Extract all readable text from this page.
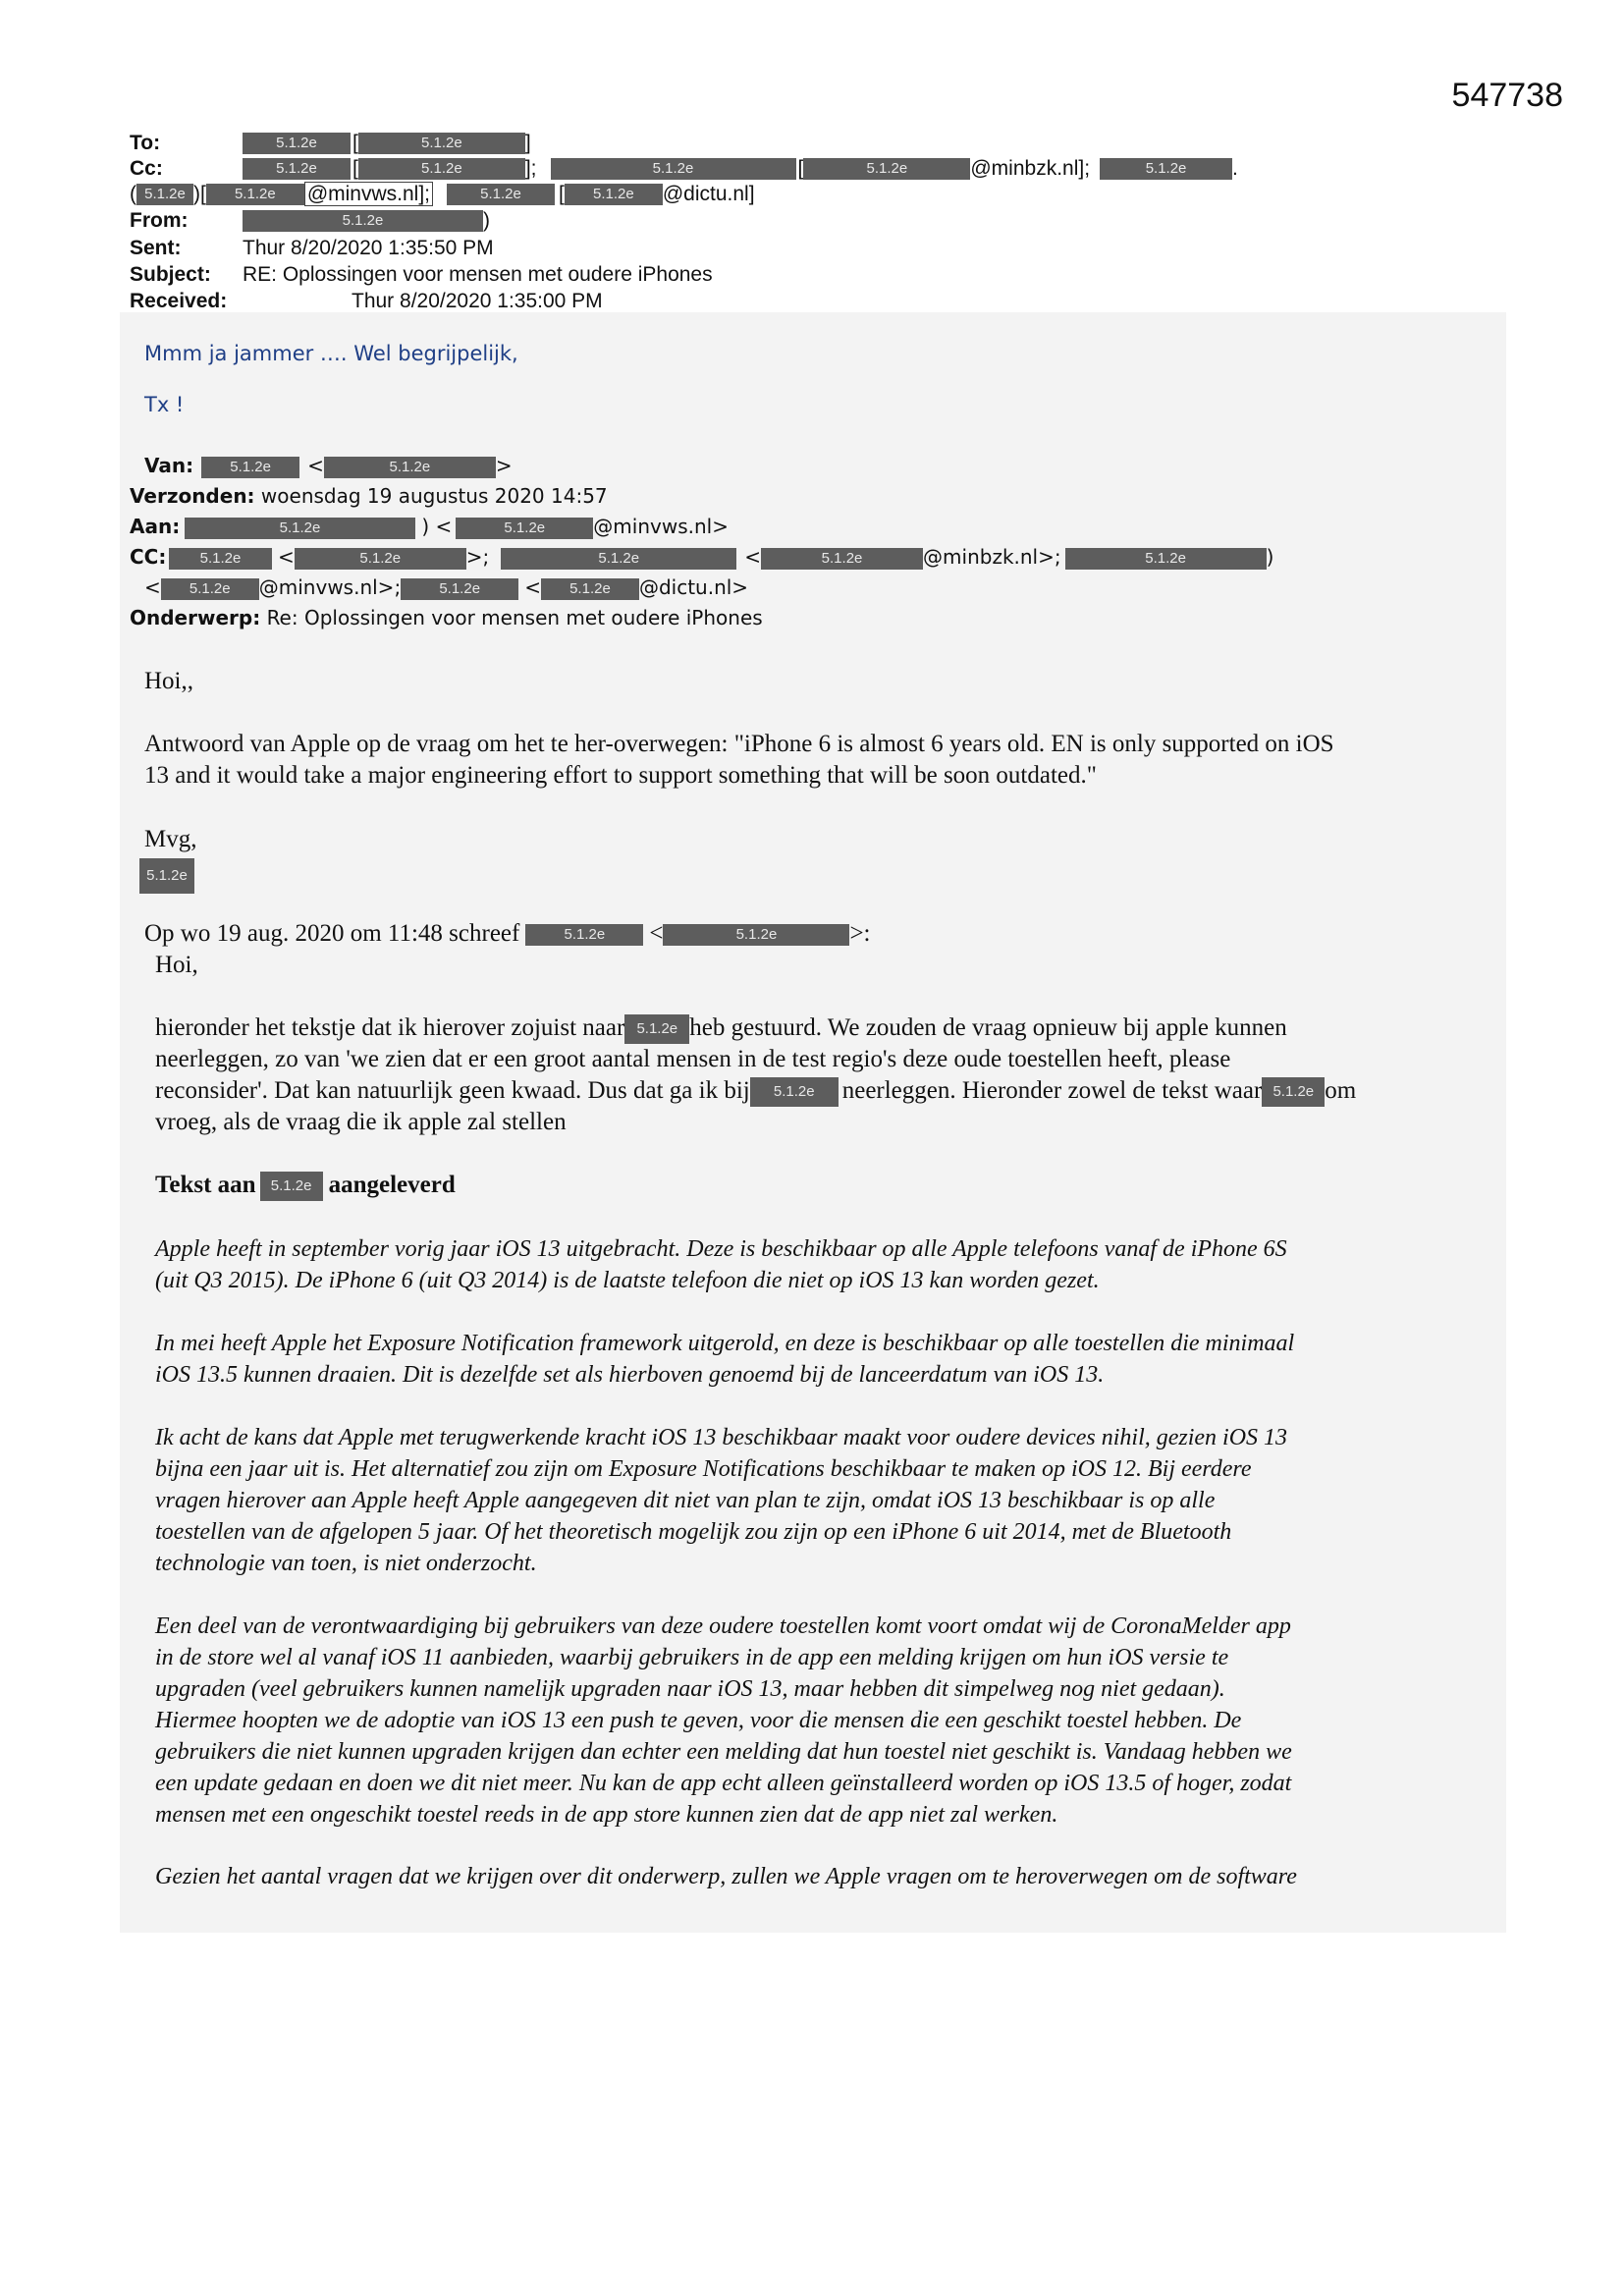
547738
To:	5.1.2e [	5.1.2e	]
Cc:	5.1.2e [	5.1.2e	];	5.1.2e	[	5.1.2e	@minbzk.nl];	5.1.2e .
( 5.1.2e )[ 5.1.2e @minvws.nl];	5.1.2e [ 5.1.2e @dictu.nl]
From:	5.1.2e	)
Sent:	Thur 8/20/2020 1:35:50 PM
Subject: RE: Oplossingen voor mensen met oudere iPhones
Received:	Thur 8/20/2020 1:35:00 PM
Mmm ja jammer …. Wel begrijpelijk,
Tx !
Van: 5.1.2e <	5.1.2e	>
Verzonden: woensdag 19 augustus 2020 14:57
Aan:	5.1.2e	) <	5.1.2e @minvws.nl>
CC: 5.1.2e <	5.1.2e	>;	5.1.2e	<	5.1.2e	@minbzk.nl>;	5.1.2e	)
< 5.1.2e @minvws.nl>;	5.1.2e < 5.1.2e @dictu.nl>
Onderwerp: Re: Oplossingen voor mensen met oudere iPhones
Hoi,,
Antwoord van Apple op de vraag om het te her-overwegen: "iPhone 6 is almost 6 years old. EN is only supported on iOS
13 and it would take a major engineering effort to support something that will be soon outdated."
Mvg,
5.1.2e
Op wo 19 aug. 2020 om 11:48 schreef	5.1.2e <	5.1.2e	>:
Hoi,
hieronder het tekstje dat ik hierover zojuist naar 5.1.2e heb gestuurd. We zouden de vraag opnieuw bij apple kunnen
neerleggen, zo van 'we zien dat er een groot aantal mensen in de test regio's deze oude toestellen heeft, please
reconsider'. Dat kan natuurlijk geen kwaad. Dus dat ga ik bij 5.1.2e neerleggen. Hieronder zowel de tekst waar 5.1.2e om
vroeg, als de vraag die ik apple zal stellen
Tekst aan 5.1.2e aangeleverd
Apple heeft in september vorig jaar iOS 13 uitgebracht. Deze is beschikbaar op alle Apple telefoons vanaf de iPhone 6S
(uit Q3 2015). De iPhone 6 (uit Q3 2014) is de laatste telefoon die niet op iOS 13 kan worden gezet.
In mei heeft Apple het Exposure Notification framework uitgerold, en deze is beschikbaar op alle toestellen die minimaal
iOS 13.5 kunnen draaien. Dit is dezelfde set als hierboven genoemd bij de lanceerdatum van iOS 13.
Ik acht de kans dat Apple met terugwerkende kracht iOS 13 beschikbaar maakt voor oudere devices nihil, gezien iOS 13
bijna een jaar uit is. Het alternatief zou zijn om Exposure Notifications beschikbaar te maken op iOS 12. Bij eerdere
vragen hierover aan Apple heeft Apple aangegeven dit niet van plan te zijn, omdat iOS 13 beschikbaar is op alle
toestellen van de afgelopen 5 jaar. Of het theoretisch mogelijk zou zijn op een iPhone 6 uit 2014, met de Bluetooth
technologie van toen, is niet onderzocht.
Een deel van de verontwaardiging bij gebruikers van deze oudere toestellen komt voort omdat wij de CoronaMelder app
in de store wel al vanaf iOS 11 aanbieden, waarbij gebruikers in de app een melding krijgen om hun iOS versie te
upgraden (veel gebruikers kunnen namelijk upgraden naar iOS 13, maar hebben dit simpelweg nog niet gedaan).
Hiermee hoopten we de adoptie van iOS 13 een push te geven, voor die mensen die een geschikt toestel hebben. De
gebruikers die niet kunnen upgraden krijgen dan echter een melding dat hun toestel niet geschikt is. Vandaag hebben we
een update gedaan en doen we dit niet meer. Nu kan de app echt alleen geïnstalleerd worden op iOS 13.5 of hoger, zodat
mensen met een ongeschikt toestel reeds in de app store kunnen zien dat de app niet zal werken.
Gezien het aantal vragen dat we krijgen over dit onderwerp, zullen we Apple vragen om te heroverwegen om de software
